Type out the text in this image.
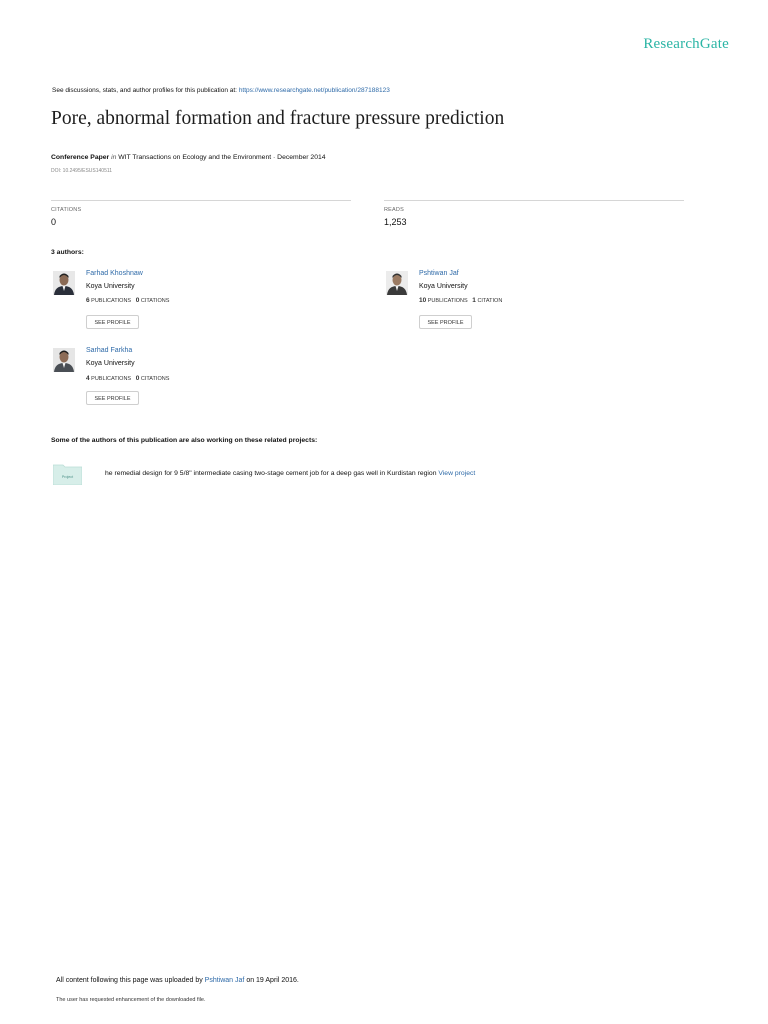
ResearchGate
See discussions, stats, and author profiles for this publication at: https://www.researchgate.net/publication/287188123
Pore, abnormal formation and fracture pressure prediction
Conference Paper in WIT Transactions on Ecology and the Environment · December 2014
DOI: 10.2495/ESUS140511
CITATIONS
0
READS
1,253
3 authors:
Farhad Khoshnaw
Koya University
6 PUBLICATIONS 0 CITATIONS
SEE PROFILE
Pshtiwan Jaf
Koya University
10 PUBLICATIONS 1 CITATION
SEE PROFILE
Sarhad Farkha
Koya University
4 PUBLICATIONS 0 CITATIONS
SEE PROFILE
Some of the authors of this publication are also working on these related projects:
Project	he remedial design for 9 5/8" intermediate casing two-stage cement job for a deep gas well in Kurdistan region View project
All content following this page was uploaded by Pshtiwan Jaf on 19 April 2016.
The user has requested enhancement of the downloaded file.
